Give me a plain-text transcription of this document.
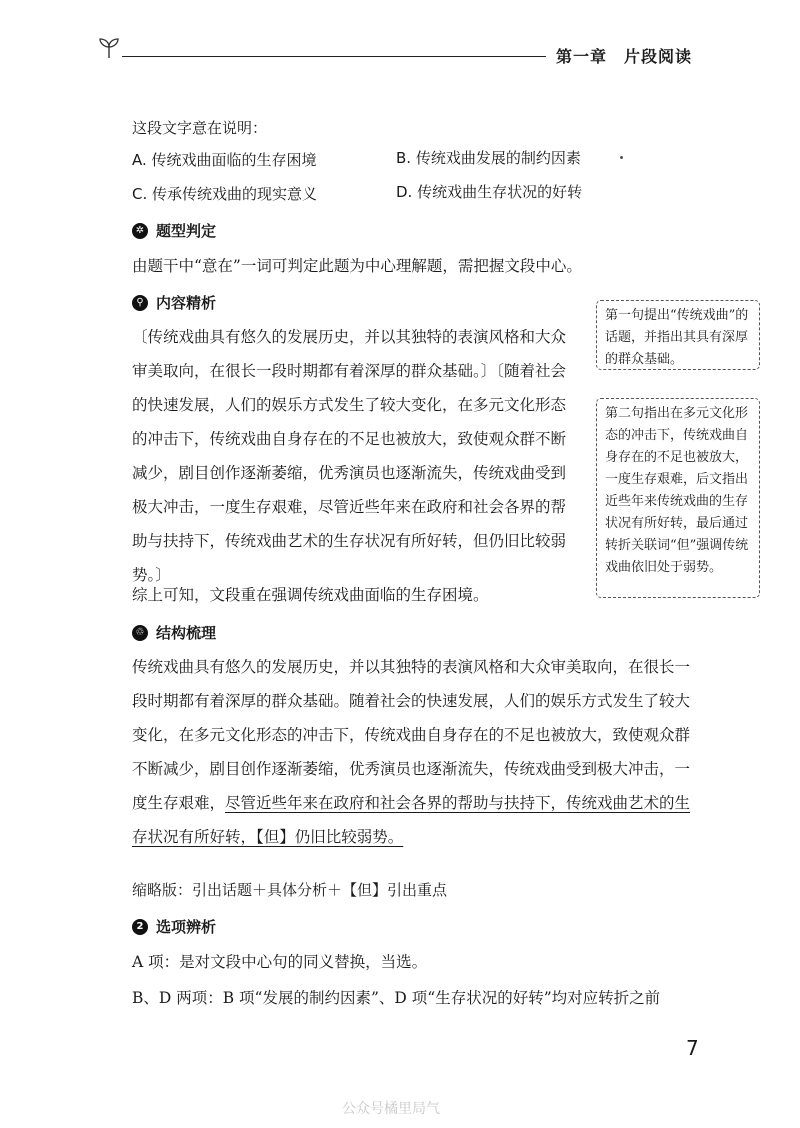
第一章　片段阅读
这段文字意在说明：
A. 传统戏曲面临的生存困境	B. 传统戏曲发展的制约因素
C. 传承传统戏曲的现实意义	D. 传统戏曲生存状况的好转
✲ 题型判定
由题干中“意在”一词可判定此题为中心理解题，需把握文段中心。
⚲ 内容精析
〔传统戏曲具有悠久的发展历史，并以其独特的表演风格和大众审美取向，在很长一段时期都有着深厚的群众基础。〕〔随着社会的快速发展，人们的娱乐方式发生了较大变化，在多元文化形态的冲击下，传统戏曲自身存在的不足也被放大，致使观众群不断减少，剧目创作逐渐萎缩，优秀演员也逐渐流失，传统戏曲受到极大冲击，一度生存艰难，尽管近些年来在政府和社会各界的帮助与扶持下，传统戏曲艺术的生存状况有所好转，但仍旧比较弱势。〕
综上可知，文段重在强调传统戏曲面临的生存困境。
第一句提出“传统戏曲”的话题，并指出其具有深厚的群众基础。
第二句指出在多元文化形态的冲击下，传统戏曲自身存在的不足也被放大，一度生存艰难，后文指出近些年来传统戏曲的生存状况有所好转，最后通过转折关联词“但”强调传统戏曲依旧处于弱势。
♲ 结构梳理
传统戏曲具有悠久的发展历史，并以其独特的表演风格和大众审美取向，在很长一段时期都有着深厚的群众基础。随着社会的快速发展，人们的娱乐方式发生了较大变化，在多元文化形态的冲击下，传统戏曲自身存在的不足也被放大，致使观众群不断减少，剧目创作逐渐萎缩，优秀演员也逐渐流失，传统戏曲受到极大冲击，一度生存艰难，尽管近些年来在政府和社会各界的帮助与扶持下，传统戏曲艺术的生存状况有所好转，【但】仍旧比较弱势。
缩略版：引出话题＋具体分析＋【但】引出重点
2 选项辨析
A 项：是对文段中心句的同义替换，当选。
B、D 两项：B 项“发展的制约因素”、D 项“生存状况的好转”均对应转折之前
7
公众号橘里局气
